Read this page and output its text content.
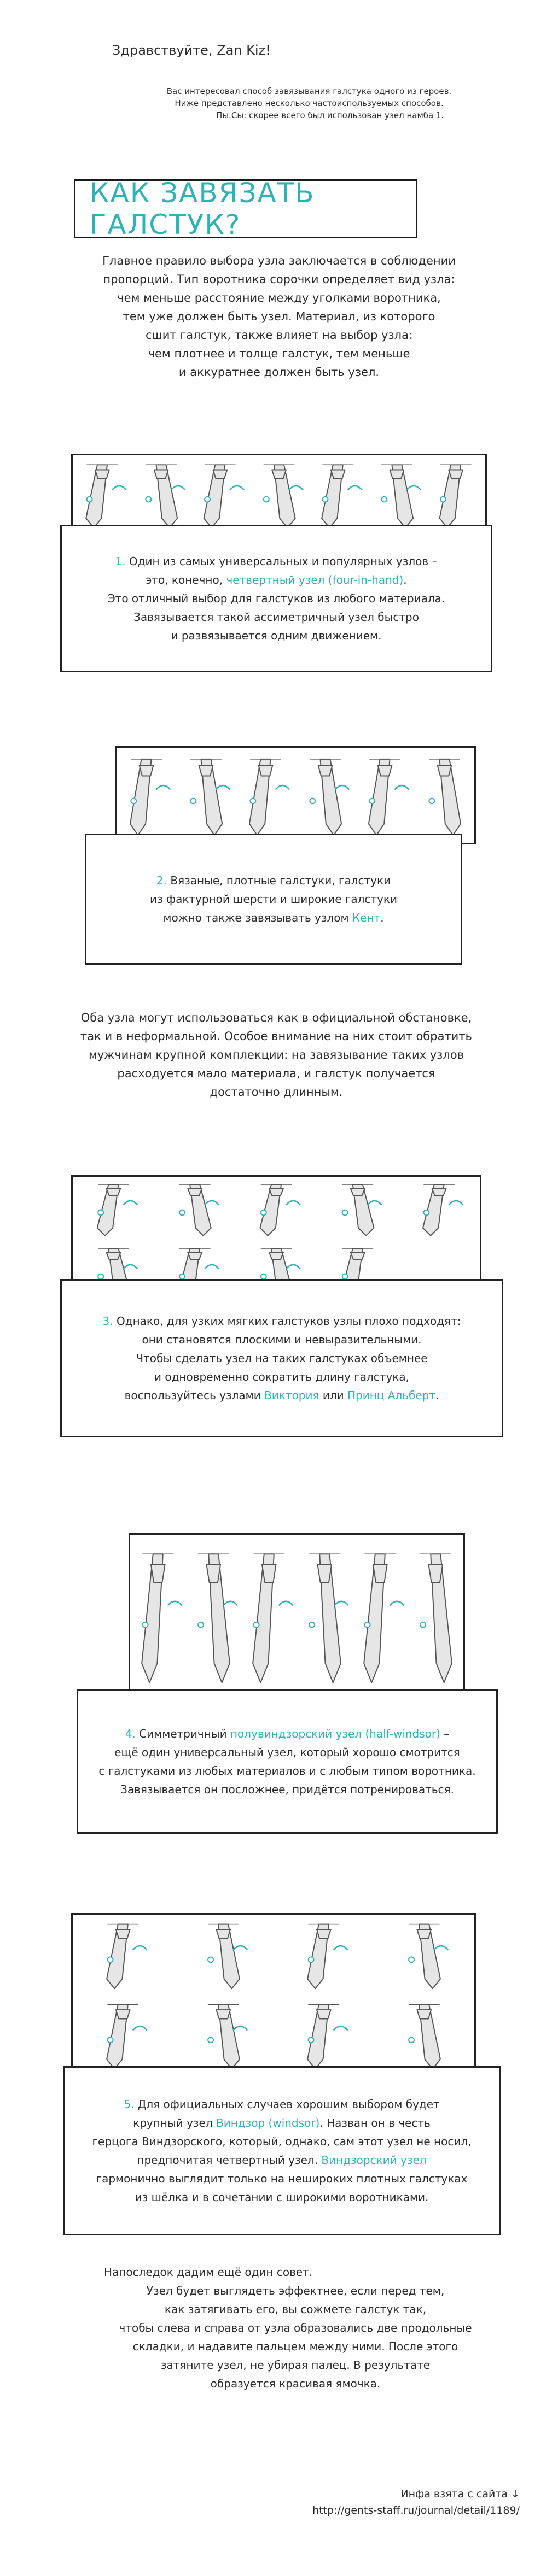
Здравствуйте, Zan Kiz!

Вас интересовал способ завязывания галстука одного из героев.

Ниже представлено несколько частоиспользуемых способов.

Пы.Сы: скорее всего был использован узел намба 1.

КАК ЗАВЯЗАТЬ ГАЛСТУК?

Главное правило выбора узла заключается в соблюдении

пропорций. Тип воротника сорочки определяет вид узла:

чем меньше расстояние между уголками воротника,

тем уже должен быть узел. Материал, из которого

сшит галстук, также влияет на выбор узла:

чем плотнее и толще галстук, тем меньше

и аккуратнее должен быть узел.

1. Один из самых универсальных и популярных узлов –

это, конечно, четвертный узел (four-in-hand).

Это отличный выбор для галстуков из любого материала.

Завязывается такой ассиметричный узел быстро

и развязывается одним движением.

2. Вязаные, плотные галстуки, галстуки

из фактурной шерсти и широкие галстуки

можно также завязывать узлом Кент.

Оба узла могут использоваться как в официальной обстановке,

так и в неформальной. Особое внимание на них стоит обратить

мужчинам крупной комплекции: на завязывание таких узлов

расходуется мало материала, и галстук получается

достаточно длинным.

3. Однако, для узких мягких галстуков узлы плохо подходят:

они становятся плоскими и невыразительными.

Чтобы сделать узел на таких галстуках объемнее

и одновременно сократить длину галстука,

воспользуйтесь узлами Виктория или Принц Альберт.

4. Симметричный полувиндзорский узел (half-windsor) –

ещё один универсальный узел, который хорошо смотрится

с галстуками из любых материалов и с любым типом воротника.

Завязывается он посложнее, придётся потренироваться.

5. Для официальных случаев хорошим выбором будет

крупный узел Виндзор (windsor). Назван он в честь

герцога Виндзорского, который, однако, сам этот узел не носил,

предпочитая четвертный узел. Виндзорский узел

гармонично выглядит только на нешироких плотных галстуках

из шёлка и в сочетании с широкими воротниками.

Напоследок дадим ещё один совет.

Узел будет выглядеть эффектнее, если перед тем,

как затягивать его, вы сожмете галстук так,

чтобы слева и справа от узла образовались две продольные

складки, и надавите пальцем между ними. После этого

затяните узел, не убирая палец. В результате

образуется красивая ямочка.

Инфа взята с сайта ↓
http://gents-staff.ru/journal/detail/1189/
